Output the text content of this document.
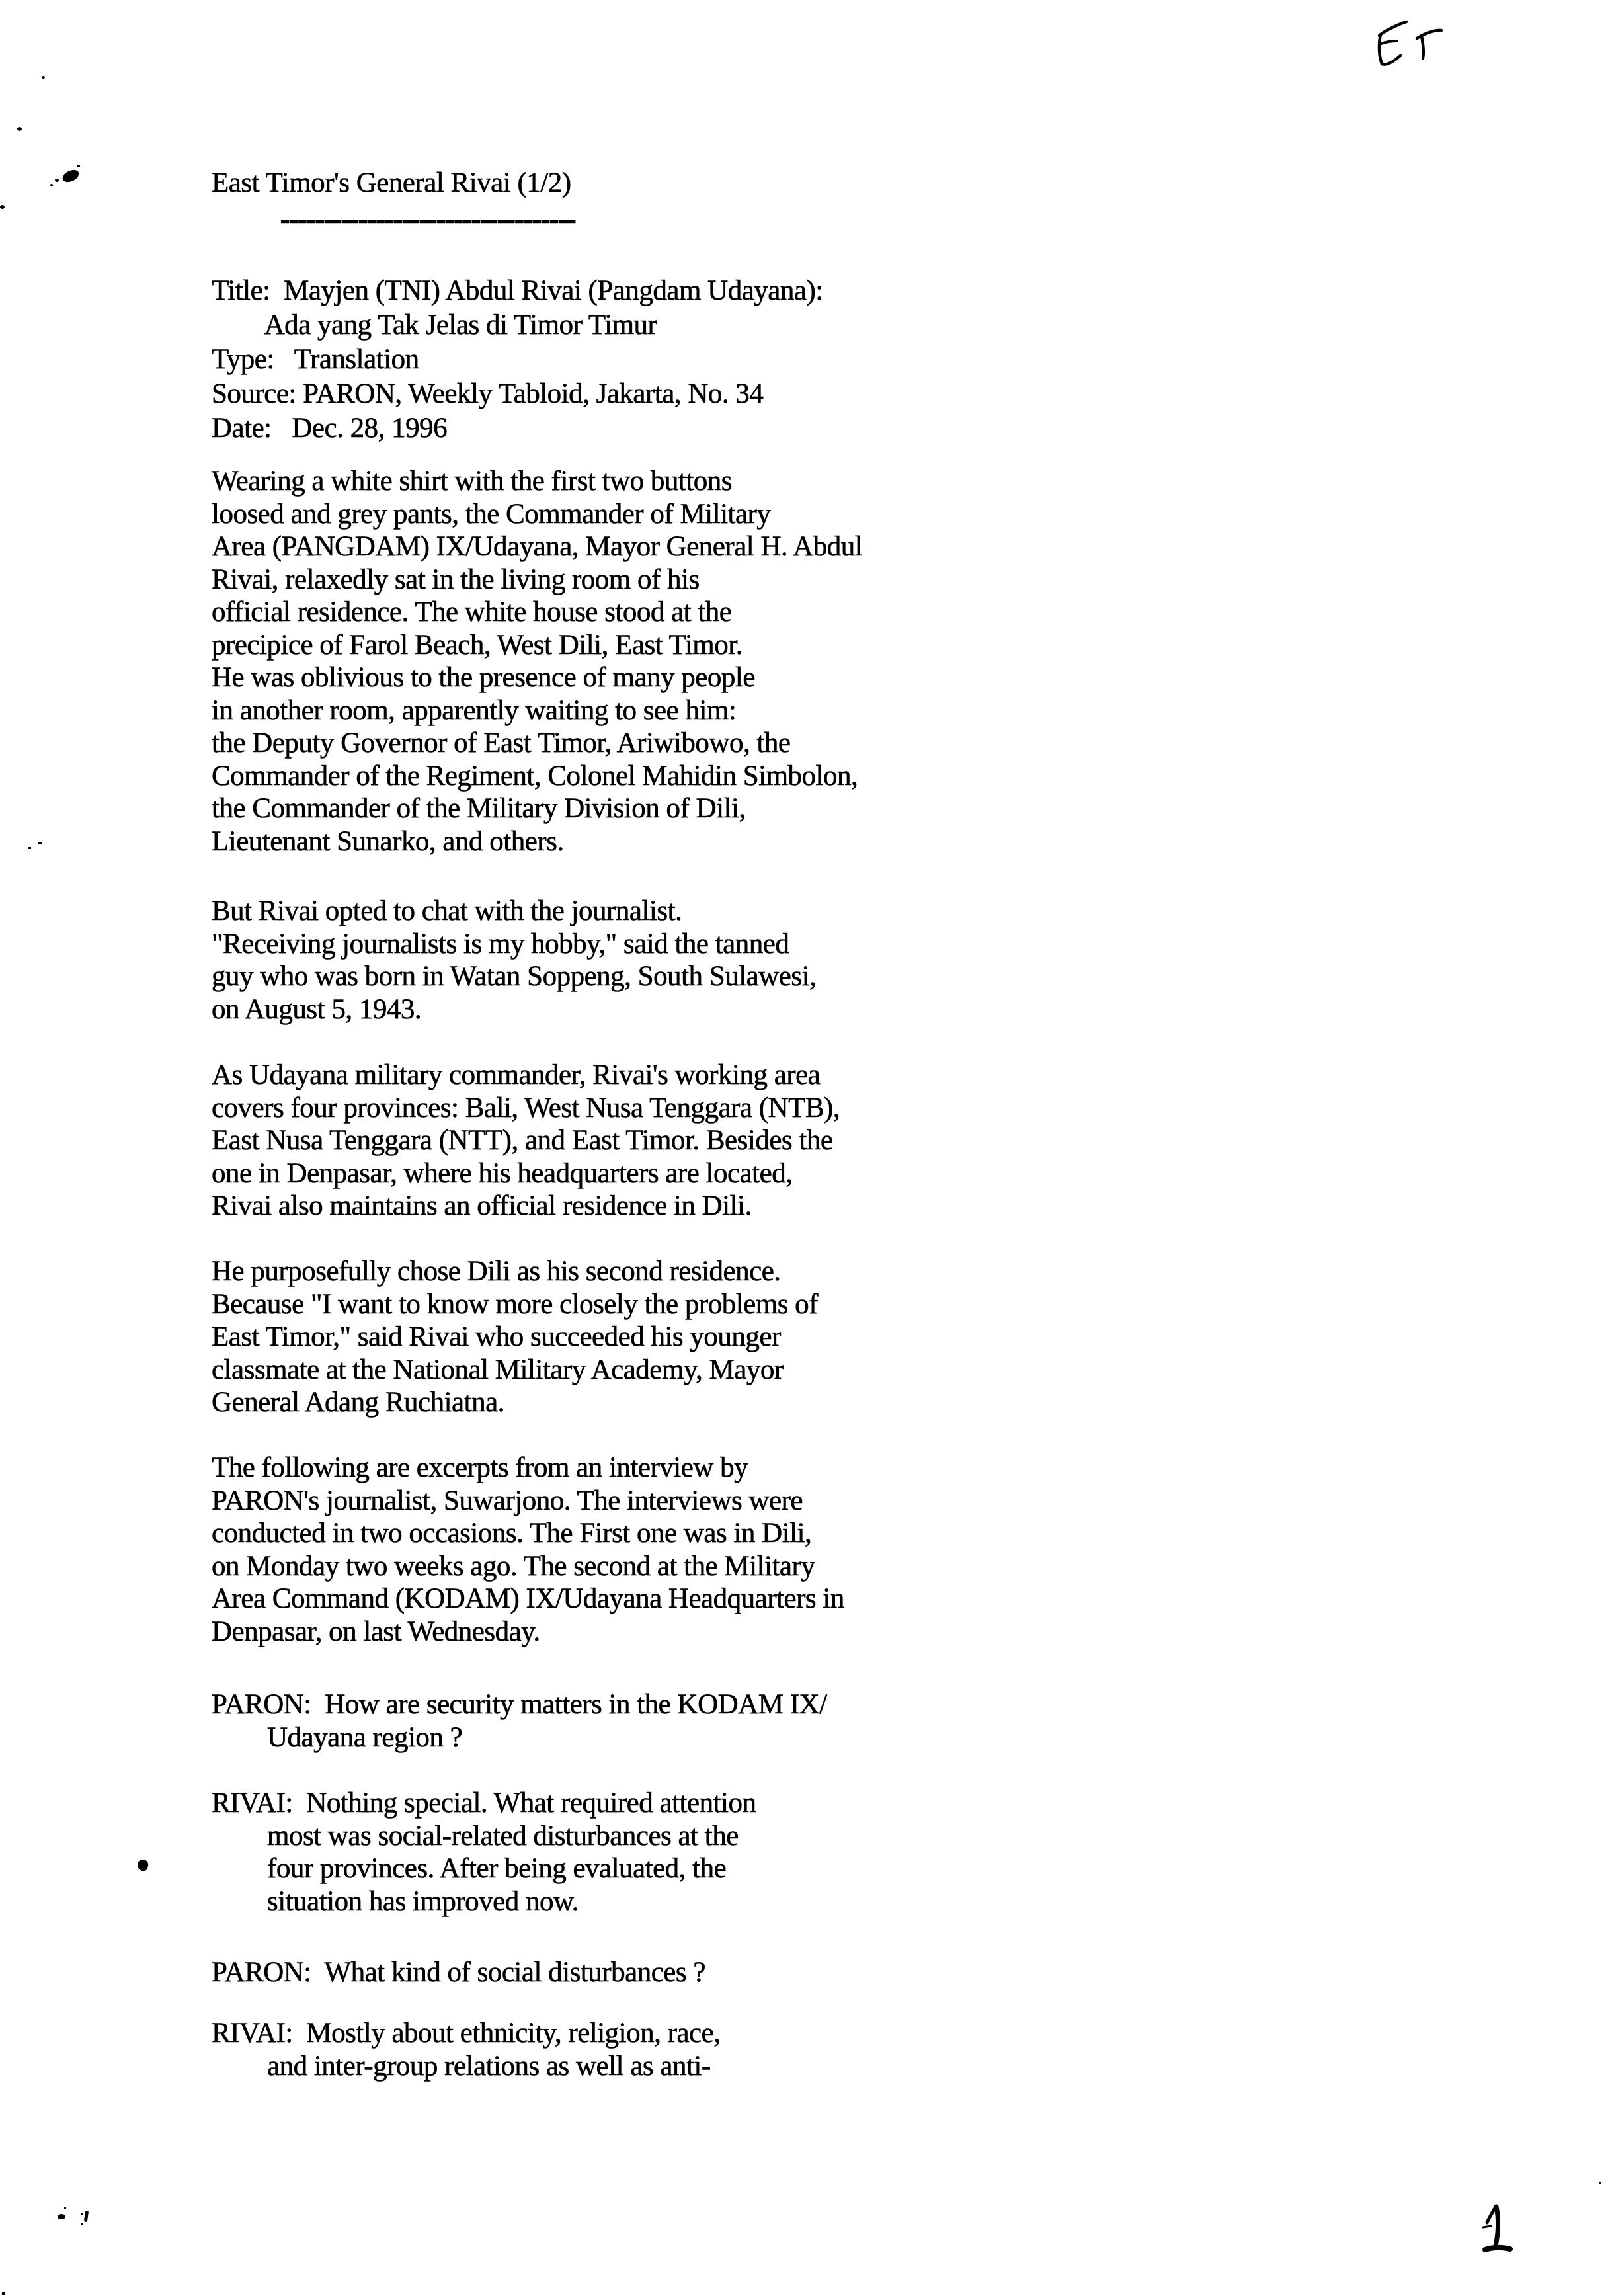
East Timor's General Rivai (1/2)
----------------------------------
Title:  Mayjen (TNI) Abdul Rivai (Pangdam Udayana):
Ada yang Tak Jelas di Timor Timur
Type:   Translation
Source: PARON, Weekly Tabloid, Jakarta, No. 34
Date:   Dec. 28, 1996
Wearing a white shirt with the first two buttons
loosed and grey pants, the Commander of Military
Area (PANGDAM) IX/Udayana, Mayor General H. Abdul
Rivai, relaxedly sat in the living room of his
official residence. The white house stood at the
precipice of Farol Beach, West Dili, East Timor.
He was oblivious to the presence of many people
in another room, apparently waiting to see him:
the Deputy Governor of East Timor, Ariwibowo, the
Commander of the Regiment, Colonel Mahidin Simbolon,
the Commander of the Military Division of Dili,
Lieutenant Sunarko, and others.
But Rivai opted to chat with the journalist.
"Receiving journalists is my hobby," said the tanned
guy who was born in Watan Soppeng, South Sulawesi,
on August 5, 1943.
As Udayana military commander, Rivai's working area
covers four provinces: Bali, West Nusa Tenggara (NTB),
East Nusa Tenggara (NTT), and East Timor. Besides the
one in Denpasar, where his headquarters are located,
Rivai also maintains an official residence in Dili.
He purposefully chose Dili as his second residence.
Because "I want to know more closely the problems of
East Timor," said Rivai who succeeded his younger
classmate at the National Military Academy, Mayor
General Adang Ruchiatna.
The following are excerpts from an interview by
PARON's journalist, Suwarjono. The interviews were
conducted in two occasions. The First one was in Dili,
on Monday two weeks ago. The second at the Military
Area Command (KODAM) IX/Udayana Headquarters in
Denpasar, on last Wednesday.
PARON:  How are security matters in the KODAM IX/
Udayana region ?
RIVAI:  Nothing special. What required attention
most was social-related disturbances at the
four provinces. After being evaluated, the
situation has improved now.
PARON:  What kind of social disturbances ?
RIVAI:  Mostly about ethnicity, religion, race,
and inter-group relations as well as anti-
